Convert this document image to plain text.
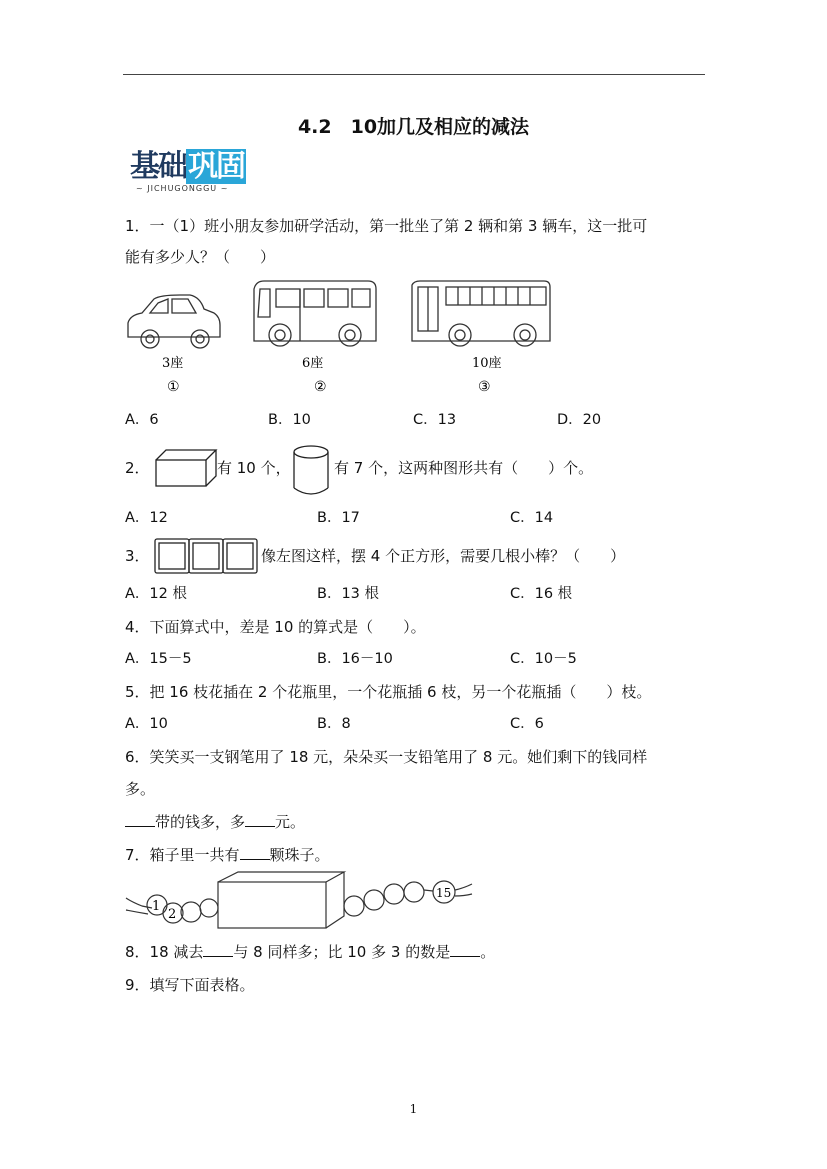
4.2　10加几及相应的减法
基础巩固
~ JICHUGONGGU ~
1．一（1）班小朋友参加研学活动，第一批坐了第 2 辆和第 3 辆车，这一批可
能有多少人？（　　）
3座
①
6座
②
10座
③
A．6	B．10	C．13	D．20
2．	有 10 个，	有 7 个，这两种图形共有（　　）个。
A．12	B．17	C．14
3．	像左图这样，摆 4 个正方形，需要几根小棒？（　　）
A．12 根	B．13 根	C．16 根
4．下面算式中，差是 10 的算式是（　　）。
A．15－5	B．16－10	C．10－5
5．把 16 枝花插在 2 个花瓶里，一个花瓶插 6 枝，另一个花瓶插（　　）枝。
A．10	B．8	C．6
6．笑笑买一支钢笔用了 18 元，朵朵买一支铅笔用了 8 元。她们剩下的钱同样
多。
带的钱多，多 元。
7．箱子里一共有 颗珠子。
1
2
15
8．18 减去 与 8 同样多；比 10 多 3 的数是 。
9．填写下面表格。
1
